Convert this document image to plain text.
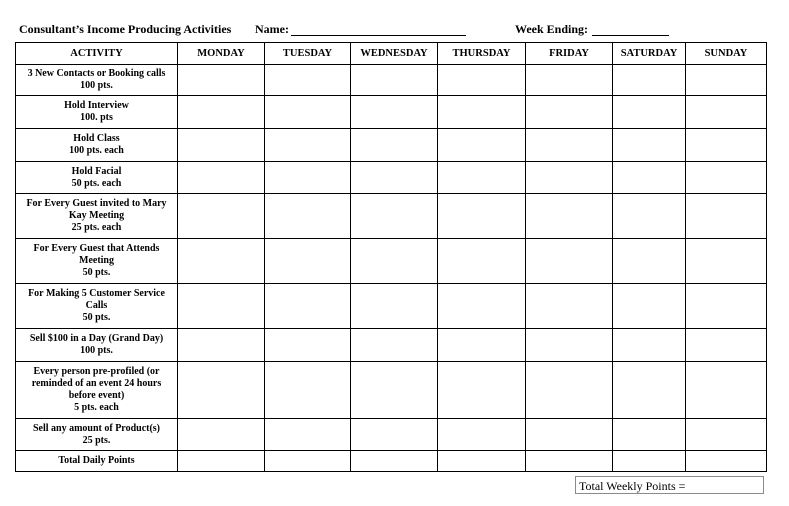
Consultant’s Income Producing Activities Name:	Week Ending:
ACTIVITY	MONDAY	TUESDAY	WEDNESDAY	THURSDAY	FRIDAY	SATURDAY	SUNDAY
3 New Contacts or Booking calls
100 pts.							

Hold Interview
100. pts							

Hold Class
100 pts. each							

Hold Facial
50 pts. each							

For Every Guest invited to Mary Kay Meeting
25 pts. each							

For Every Guest that Attends Meeting
50 pts.							

For Making 5 Customer Service Calls
50 pts.							

Sell $100 in a Day (Grand Day)
100 pts.							

Every person pre-profiled (or reminded of an event 24 hours before event)
5 pts. each							

Sell any amount of Product(s)
25 pts.							

Total Daily Points							
Total Weekly Points =
